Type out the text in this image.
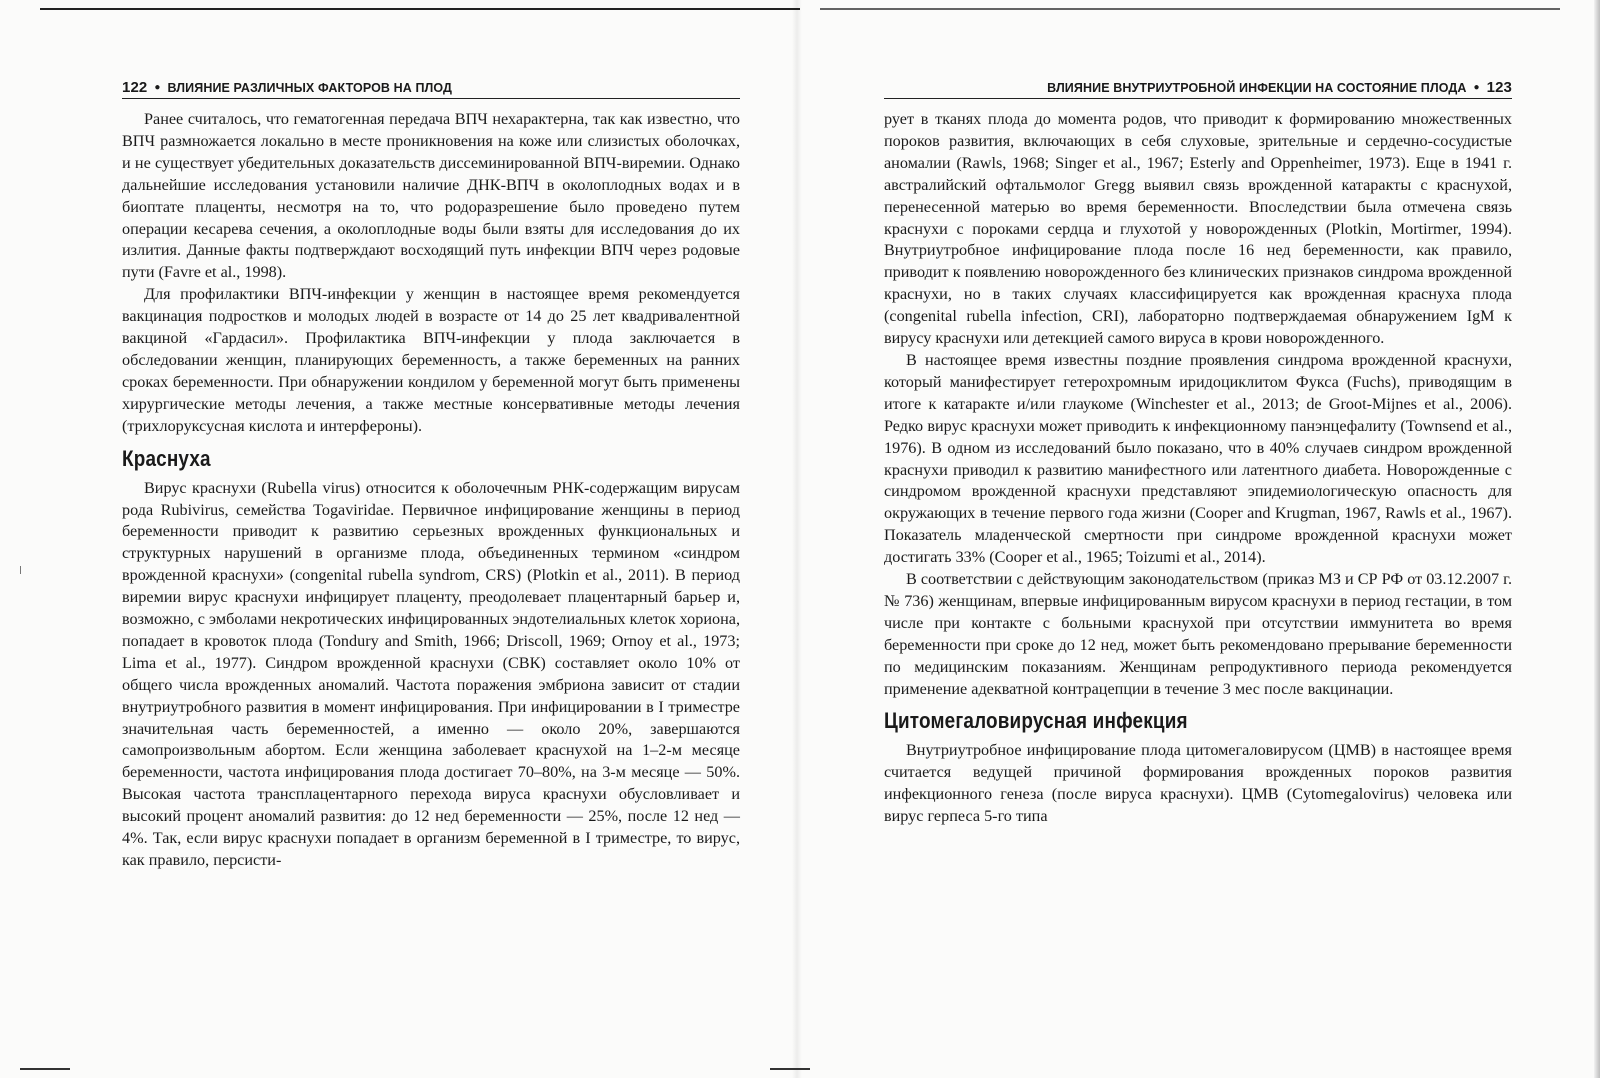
122 ● ВЛИЯНИЕ РАЗЛИЧНЫХ ФАКТОРОВ НА ПЛОД

Ранее считалось, что гематогенная передача ВПЧ нехарактерна, так как известно, что ВПЧ размножается локально в месте проникновения на коже или слизистых оболочках, и не существует убедительных доказательств диссеминированной ВПЧ-виремии. Однако дальнейшие исследования установили наличие ДНК-ВПЧ в околоплодных водах и в биоптате плаценты, несмотря на то, что родоразрешение было проведено путем операции кесарева сечения, а околоплодные воды были взяты для исследования до их излития. Данные факты подтверждают восходящий путь инфекции ВПЧ через родовые пути (Favre et al., 1998).

Для профилактики ВПЧ-инфекции у женщин в настоящее время рекомендуется вакцинация подростков и молодых людей в возрасте от 14 до 25 лет квадривалентной вакциной «Гардасил». Профилактика ВПЧ-инфекции у плода заключается в обследовании женщин, планирующих беременность, а также беременных на ранних сроках беременности. При обнаружении кондилом у беременной могут быть применены хирургические методы лечения, а также местные консервативные методы лечения (трихлоруксусная кислота и интерфероны).

Краснуха

Вирус краснухи (Rubella virus) относится к оболочечным РНК-содержащим вирусам рода Rubivirus, семейства Togaviridae. Первичное инфицирование женщины в период беременности приводит к развитию серьезных врожденных функциональных и структурных нарушений в организме плода, объединенных термином «синдром врожденной краснухи» (congenital rubella syndrom, CRS) (Plotkin et al., 2011). В период виремии вирус краснухи инфицирует плаценту, преодолевает плацентарный барьер и, возможно, с эмболами некротических инфицированных эндотелиальных клеток хориона, попадает в кровоток плода (Tondury and Smith, 1966; Driscoll, 1969; Ornoy et al., 1973; Lima et al., 1977). Синдром врожденной краснухи (СВК) составляет около 10% от общего числа врожденных аномалий. Частота поражения эмбриона зависит от стадии внутриутробного развития в момент инфицирования. При инфицировании в I триместре значительная часть беременностей, а именно — около 20%, завершаются самопроизвольным абортом. Если женщина заболевает краснухой на 1–2-м месяце беременности, частота инфицирования плода достигает 70–80%, на 3-м месяце — 50%. Высокая частота трансплацентарного перехода вируса краснухи обусловливает и высокий процент аномалий развития: до 12 нед беременности — 25%, после 12 нед — 4%. Так, если вирус краснухи попадает в организм беременной в I триместре, то вирус, как правило, персисти-

ВЛИЯНИЕ ВНУТРИУТРОБНОЙ ИНФЕКЦИИ НА СОСТОЯНИЕ ПЛОДА ● 123

рует в тканях плода до момента родов, что приводит к формированию множественных пороков развития, включающих в себя слуховые, зрительные и сердечно-сосудистые аномалии (Rawls, 1968; Singer et al., 1967; Esterly and Oppenheimer, 1973). Еще в 1941 г. австралийский офтальмолог Gregg выявил связь врожденной катаракты с краснухой, перенесенной матерью во время беременности. Впоследствии была отмечена связь краснухи с пороками сердца и глухотой у новорожденных (Plotkin, Mortirmer, 1994). Внутриутробное инфицирование плода после 16 нед беременности, как правило, приводит к появлению новорожденного без клинических признаков синдрома врожденной краснухи, но в таких случаях классифицируется как врожденная краснуха плода (congenital rubella infection, CRI), лабораторно подтверждаемая обнаружением IgM к вирусу краснухи или детекцией самого вируса в крови новорожденного.

В настоящее время известны поздние проявления синдрома врожденной краснухи, который манифестирует гетерохромным иридоциклитом Фукса (Fuchs), приводящим в итоге к катаракте и/или глаукоме (Winchester et al., 2013; de Groot-Mijnes et al., 2006). Редко вирус краснухи может приводить к инфекционному панэнцефалиту (Townsend et al., 1976). В одном из исследований было показано, что в 40% случаев синдром врожденной краснухи приводил к развитию манифестного или латентного диабета. Новорожденные с синдромом врожденной краснухи представляют эпидемиологическую опасность для окружающих в течение первого года жизни (Cooper and Krugman, 1967, Rawls et al., 1967). Показатель младенческой смертности при синдроме врожденной краснухи может достигать 33% (Cooper et al., 1965; Toizumi et al., 2014).

В соответствии с действующим законодательством (приказ МЗ и СР РФ от 03.12.2007 г. № 736) женщинам, впервые инфицированным вирусом краснухи в период гестации, в том числе при контакте с больными краснухой при отсутствии иммунитета во время беременности при сроке до 12 нед, может быть рекомендовано прерывание беременности по медицинским показаниям. Женщинам репродуктивного периода рекомендуется применение адекватной контрацепции в течение 3 мес после вакцинации.

Цитомегаловирусная инфекция

Внутриутробное инфицирование плода цитомегаловирусом (ЦМВ) в настоящее время считается ведущей причиной формирования врожденных пороков развития инфекционного генеза (после вируса краснухи). ЦМВ (Cytomegalovirus) человека или вирус герпеса 5-го типа
